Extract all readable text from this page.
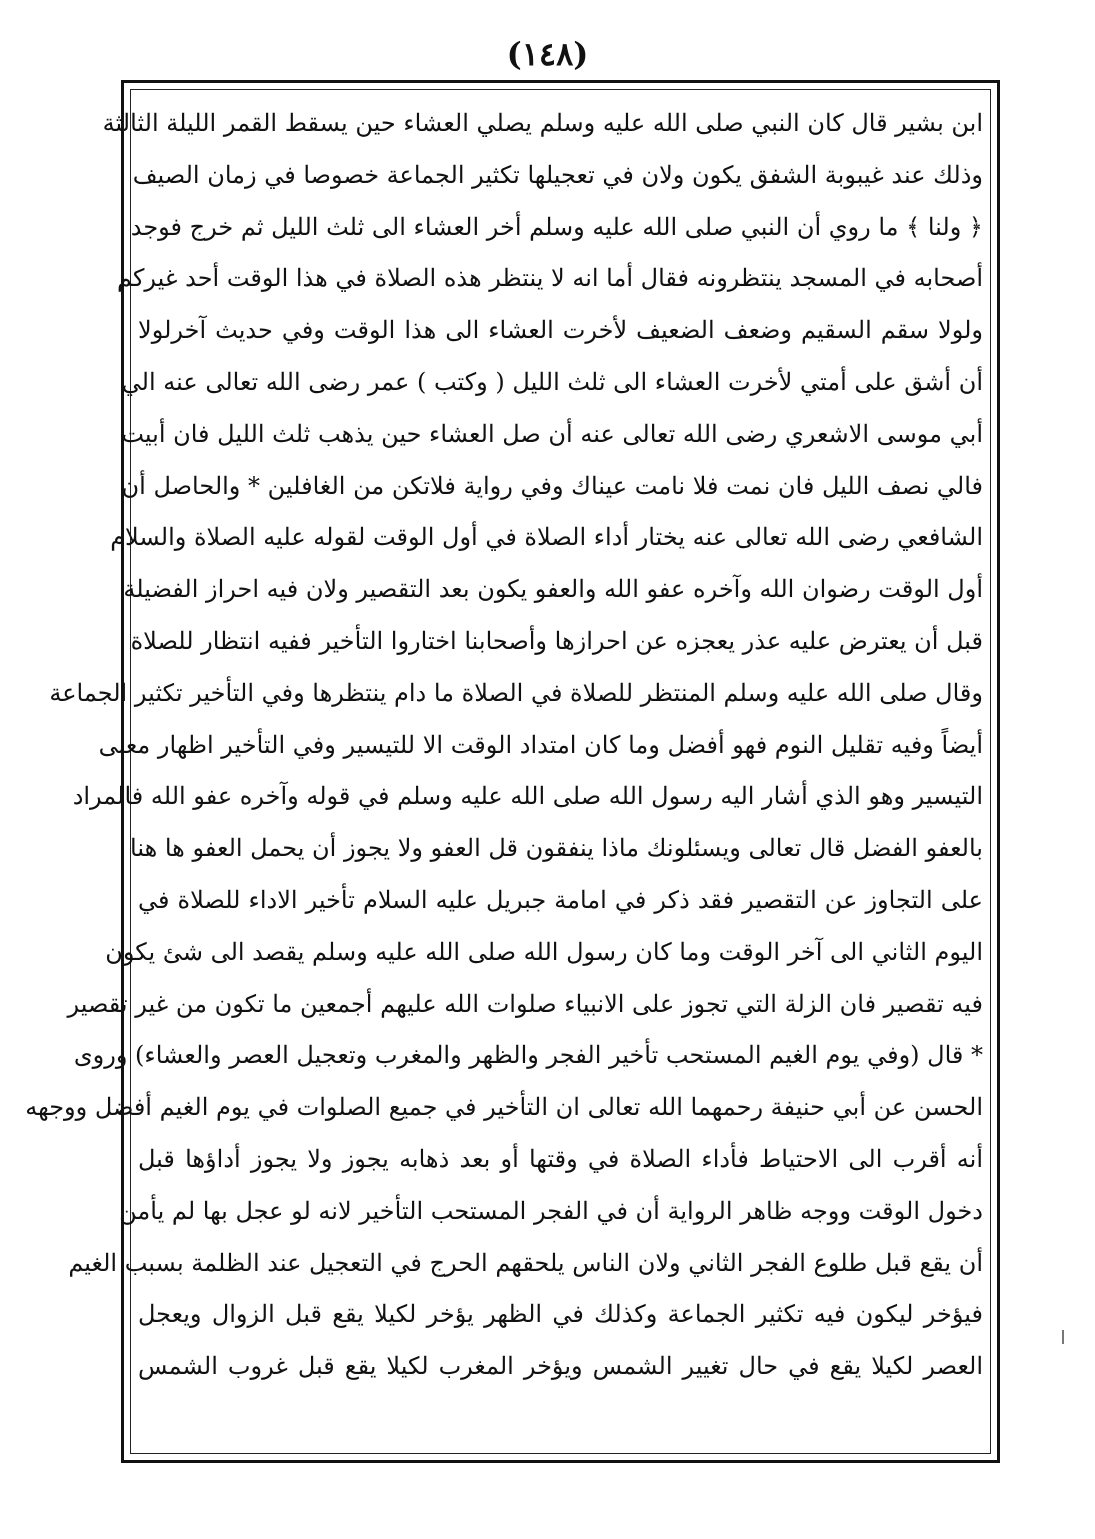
(١٤٨)
ابن بشير قال كان النبي صلى الله عليه وسلم يصلي العشاء حين يسقط القمر الليلة الثالثة
وذلك عند غيبوبة الشفق يكون ولان في تعجيلها تكثير الجماعة خصوصا في زمان الصيف
﴿ ولنا ﴾ ما روي أن النبي صلى الله عليه وسلم أخر العشاء الى ثلث الليل ثم خرج فوجد
أصحابه في المسجد ينتظرونه فقال أما انه لا ينتظر هذه الصلاة في هذا الوقت أحد غيركم
ولولا سقم السقيم وضعف الضعيف لأخرت العشاء الى هذا الوقت وفي حديث آخرلولا
أن أشق على أمتي لأخرت العشاء الى ثلث الليل ( وكتب ) عمر رضى الله تعالى عنه الي
أبي موسى الاشعري رضى الله تعالى عنه أن صل العشاء حين يذهب ثلث الليل فان أبيت
فالي نصف الليل فان نمت فلا نامت عيناك وفي رواية فلاتكن من الغافلين * والحاصل أن
الشافعي رضى الله تعالى عنه يختار أداء الصلاة في أول الوقت لقوله عليه الصلاة والسلام
أول الوقت رضوان الله وآخره عفو الله والعفو يكون بعد التقصير ولان فيه احراز الفضيلة
قبل أن يعترض عليه عذر يعجزه عن احرازها وأصحابنا اختاروا التأخير ففيه انتظار للصلاة
وقال صلى الله عليه وسلم المنتظر للصلاة في الصلاة ما دام ينتظرها وفي التأخير تكثير الجماعة
أيضاً وفيه تقليل النوم فهو أفضل وما كان امتداد الوقت الا للتيسير وفي التأخير اظهار معنى
التيسير وهو الذي أشار اليه رسول الله صلى الله عليه وسلم في قوله وآخره عفو الله فالمراد
بالعفو الفضل قال تعالى ويسئلونك ماذا ينفقون قل العفو ولا يجوز أن يحمل العفو ها هنا
على التجاوز عن التقصير فقد ذكر في امامة جبريل عليه السلام تأخير الاداء للصلاة في
اليوم الثاني الى آخر الوقت وما كان رسول الله صلى الله عليه وسلم يقصد الى شئ يكون
فيه تقصير فان الزلة التي تجوز على الانبياء صلوات الله عليهم أجمعين ما تكون من غير تقصير
* قال (وفي يوم الغيم المستحب تأخير الفجر والظهر والمغرب وتعجيل العصر والعشاء) وروى
الحسن عن أبي حنيفة رحمهما الله تعالى ان التأخير في جميع الصلوات في يوم الغيم أفضل ووجهه
أنه أقرب الى الاحتياط فأداء الصلاة في وقتها أو بعد ذهابه يجوز ولا يجوز أداؤها قبل
دخول الوقت ووجه ظاهر الرواية أن في الفجر المستحب التأخير لانه لو عجل بها لم يأمن
أن يقع قبل طلوع الفجر الثاني ولان الناس يلحقهم الحرج في التعجيل عند الظلمة بسبب الغيم
فيؤخر ليكون فيه تكثير الجماعة وكذلك في الظهر يؤخر لكيلا يقع قبل الزوال ويعجل
العصر لكيلا يقع في حال تغيير الشمس ويؤخر المغرب لكيلا يقع قبل غروب الشمس
